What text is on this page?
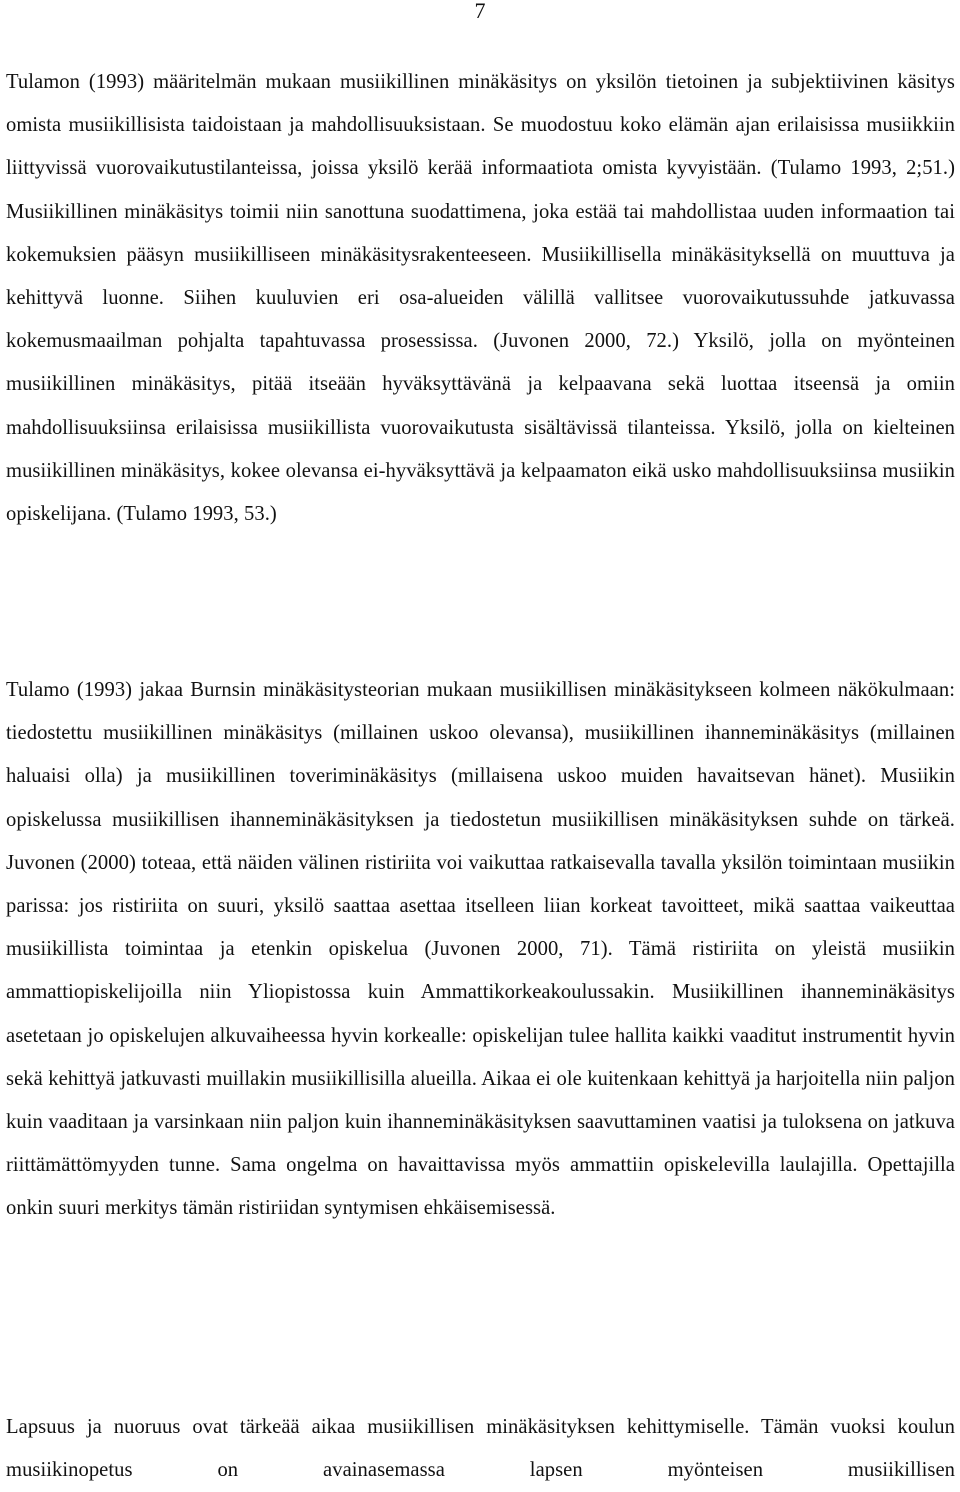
7

Tulamon (1993) määritelmän mukaan musiikillinen minäkäsitys on yksilön tietoinen ja subjektiivinen käsitys omista musiikillisista taidoistaan ja mahdollisuuksistaan. Se muodostuu koko elämän ajan erilaisissa musiikkiin liittyvissä vuorovaikutustilanteissa, joissa yksilö kerää informaatiota omista kyvyistään. (Tulamo 1993, 2;51.) Musiikillinen minäkäsitys toimii niin sanottuna suodattimena, joka estää tai mahdollistaa uuden informaation tai kokemuksien pääsyn musiikilliseen minäkäsitysrakenteeseen. Musiikillisella minäkäsityksellä on muuttuva ja kehittyvä luonne. Siihen kuuluvien eri osa-alueiden välillä vallitsee vuorovaikutussuhde jatkuvassa kokemusmaailman pohjalta tapahtuvassa prosessissa. (Juvonen 2000, 72.) Yksilö, jolla on myönteinen musiikillinen minäkäsitys, pitää itseään hyväksyttävänä ja kelpaavana sekä luottaa itseensä ja omiin mahdollisuuksiinsa erilaisissa musiikillista vuorovaikutusta sisältävissä tilanteissa. Yksilö, jolla on kielteinen musiikillinen minäkäsitys, kokee olevansa ei-hyväksyttävä ja kelpaamaton eikä usko mahdollisuuksiinsa musiikin opiskelijana. (Tulamo 1993, 53.)

Tulamo (1993) jakaa Burnsin minäkäsitysteorian mukaan musiikillisen minäkäsitykseen kolmeen näkökulmaan: tiedostettu musiikillinen minäkäsitys (millainen uskoo olevansa), musiikillinen ihanneminäkäsitys (millainen haluaisi olla) ja musiikillinen toveriminäkäsitys (millaisena uskoo muiden havaitsevan hänet). Musiikin opiskelussa musiikillisen ihanneminäkäsityksen ja tiedostetun musiikillisen minäkäsityksen suhde on tärkeä. Juvonen (2000) toteaa, että näiden välinen ristiriita voi vaikuttaa ratkaisevalla tavalla yksilön toimintaan musiikin parissa: jos ristiriita on suuri, yksilö saattaa asettaa itselleen liian korkeat tavoitteet, mikä saattaa vaikeuttaa musiikillista toimintaa ja etenkin opiskelua (Juvonen 2000, 71). Tämä ristiriita on yleistä musiikin ammattiopiskelijoilla niin Yliopistossa kuin Ammattikorkeakoulussakin. Musiikillinen ihanneminäkäsitys asetetaan jo opiskelujen alkuvaiheessa hyvin korkealle: opiskelijan tulee hallita kaikki vaaditut instrumentit hyvin sekä kehittyä jatkuvasti muillakin musiikillisilla alueilla. Aikaa ei ole kuitenkaan kehittyä ja harjoitella niin paljon kuin vaaditaan ja varsinkaan niin paljon kuin ihanneminäkäsityksen saavuttaminen vaatisi ja tuloksena on jatkuva riittämättömyyden tunne. Sama ongelma on havaittavissa myös ammattiin opiskelevilla laulajilla. Opettajilla onkin suuri merkitys tämän ristiriidan syntymisen ehkäisemisessä.

Lapsuus ja nuoruus ovat tärkeää aikaa musiikillisen minäkäsityksen kehittymiselle. Tämän vuoksi koulun musiikinopetus on avainasemassa lapsen myönteisen musiikillisen
